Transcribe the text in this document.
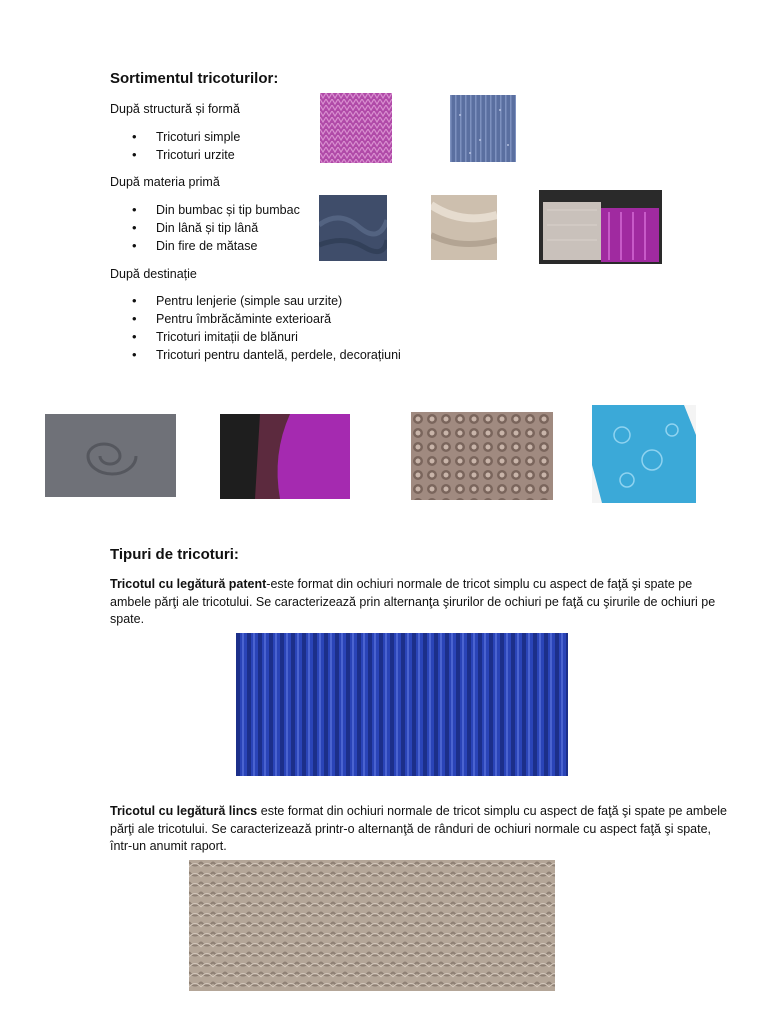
Sortimentul tricoturilor:
După structură și formă
• Tricoturi simple
• Tricoturi urzite
După materia primă
• Din bumbac și tip bumbac
• Din lână și tip lână
• Din fire de mătase
După destinație
• Pentru lenjerie (simple sau urzite)
• Pentru îmbrăcăminte exterioară
• Tricoturi imitații de blănuri
• Tricoturi pentru dantelă, perdele, decorațiuni
Tipuri de tricoturi:

Tricotul cu legătură patent-este format din ochiuri normale de tricot simplu cu aspect de faţă şi spate pe ambele părţi ale tricotului. Se caracterizează prin alternanţa şirurilor de ochiuri pe faţă cu şirurile de ochiuri pe spate.

Tricotul cu legătură lincs este format din ochiuri normale de tricot simplu cu aspect de faţă şi spate pe ambele părţi ale tricotului. Se caracterizează printr-o alternanţă de rânduri de ochiuri normale cu aspect faţă şi spate, într-un anumit raport.
